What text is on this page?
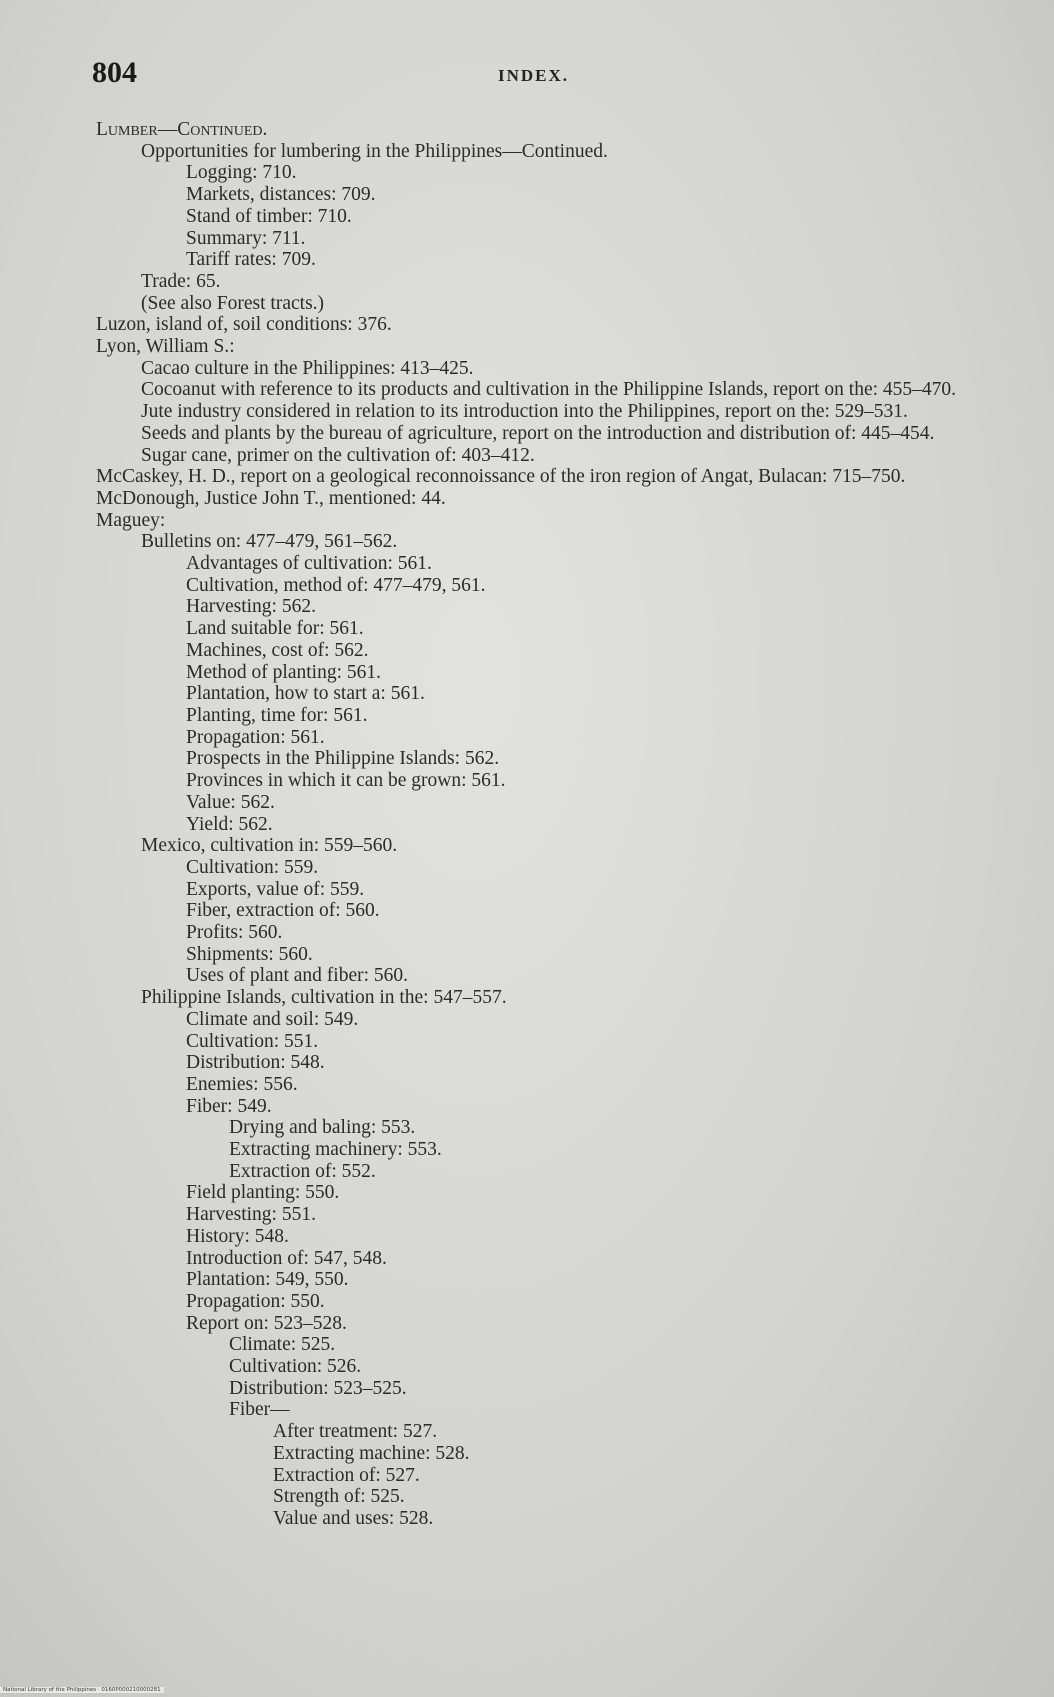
804	INDEX.
Lumber—Continued.
Opportunities for lumbering in the Philippines—Continued.
Logging: 710.
Markets, distances: 709.
Stand of timber: 710.
Summary: 711.
Tariff rates: 709.
Trade: 65.
(See also Forest tracts.)
Luzon, island of, soil conditions: 376.
Lyon, William S.:
Cacao culture in the Philippines: 413–425.
Cocoanut with reference to its products and cultivation in the Philippine Islands, report on the: 455–470.
Jute industry considered in relation to its introduction into the Philippines, report on the: 529–531.
Seeds and plants by the bureau of agriculture, report on the introduction and distribution of: 445–454.
Sugar cane, primer on the cultivation of: 403–412.
McCaskey, H. D., report on a geological reconnoissance of the iron region of Angat, Bulacan: 715–750.
McDonough, Justice John T., mentioned: 44.
Maguey:
Bulletins on: 477–479, 561–562.
Advantages of cultivation: 561.
Cultivation, method of: 477–479, 561.
Harvesting: 562.
Land suitable for: 561.
Machines, cost of: 562.
Method of planting: 561.
Plantation, how to start a: 561.
Planting, time for: 561.
Propagation: 561.
Prospects in the Philippine Islands: 562.
Provinces in which it can be grown: 561.
Value: 562.
Yield: 562.
Mexico, cultivation in: 559–560.
Cultivation: 559.
Exports, value of: 559.
Fiber, extraction of: 560.
Profits: 560.
Shipments: 560.
Uses of plant and fiber: 560.
Philippine Islands, cultivation in the: 547–557.
Climate and soil: 549.
Cultivation: 551.
Distribution: 548.
Enemies: 556.
Fiber: 549.
Drying and baling: 553.
Extracting machinery: 553.
Extraction of: 552.
Field planting: 550.
Harvesting: 551.
History: 548.
Introduction of: 547, 548.
Plantation: 549, 550.
Propagation: 550.
Report on: 523–528.
Climate: 525.
Cultivation: 526.
Distribution: 523–525.
Fiber—
After treatment: 527.
Extracting machine: 528.
Extraction of: 527.
Strength of: 525.
Value and uses: 528.
National Library of the Philippines · 0160P000210000281
